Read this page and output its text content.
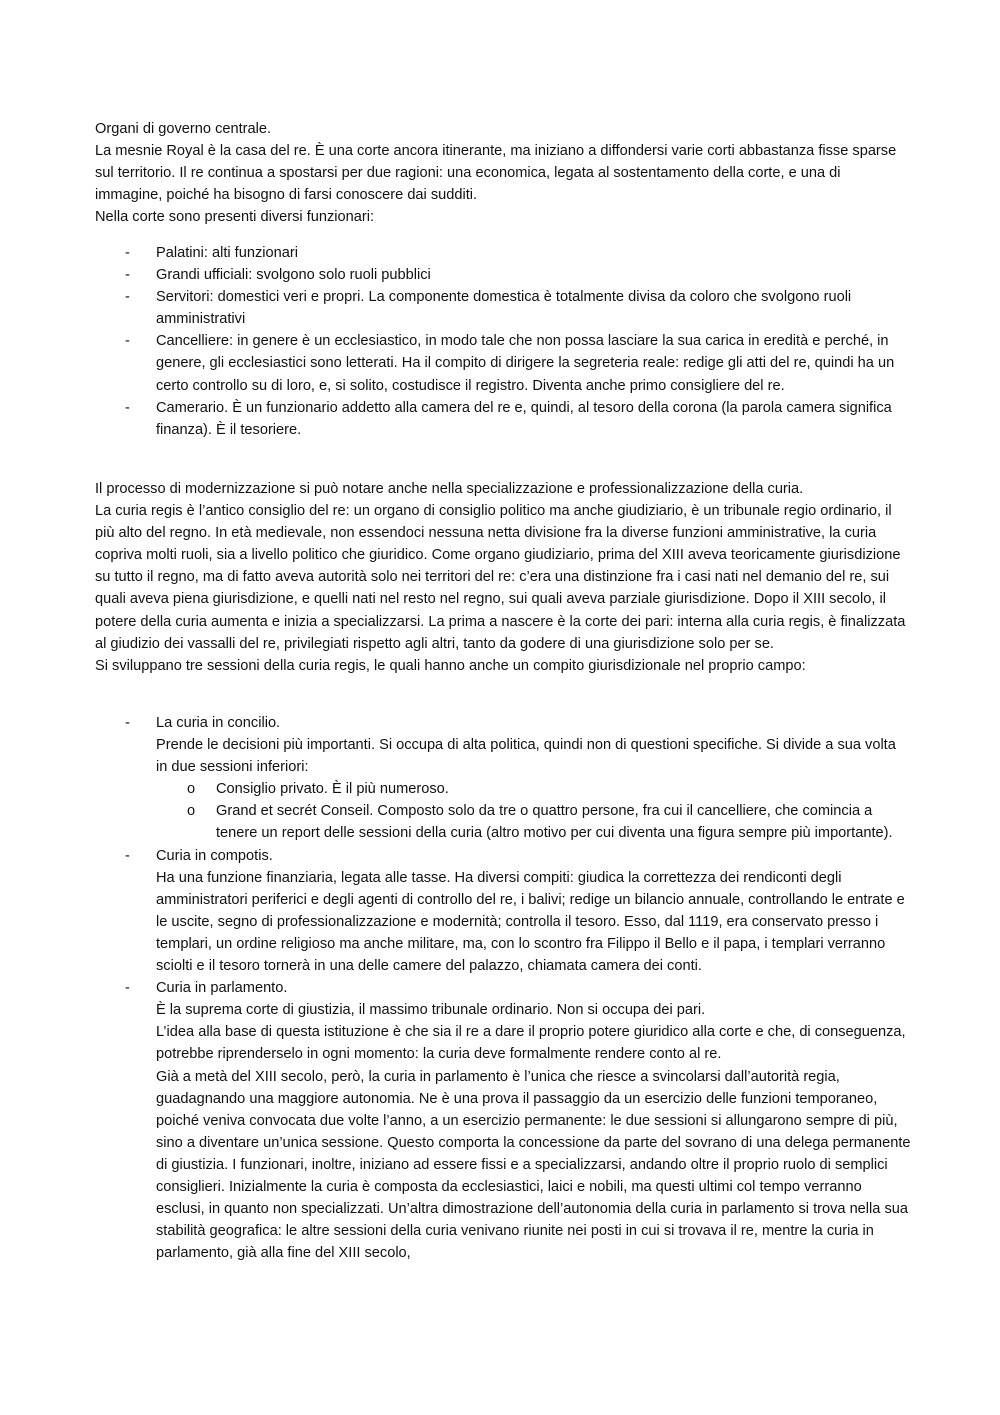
Organi di governo centrale.

La mesnie Royal è la casa del re. È una corte ancora itinerante, ma iniziano a diffondersi varie corti abbastanza fisse sparse sul territorio. Il re continua a spostarsi per due ragioni: una economica, legata al sostentamento della corte, e una di immagine, poiché ha bisogno di farsi conoscere dai sudditi.

Nella corte sono presenti diversi funzionari:

- Palatini: alti funzionari
- Grandi ufficiali: svolgono solo ruoli pubblici
- Servitori: domestici veri e propri. La componente domestica è totalmente divisa da coloro che svolgono ruoli amministrativi
- Cancelliere: in genere è un ecclesiastico, in modo tale che non possa lasciare la sua carica in eredità e perché, in genere, gli ecclesiastici sono letterati. Ha il compito di dirigere la segreteria reale: redige gli atti del re, quindi ha un certo controllo su di loro, e, si solito, costudisce il registro. Diventa anche primo consigliere del re.
- Camerario. È un funzionario addetto alla camera del re e, quindi, al tesoro della corona (la parola camera significa finanza). È il tesoriere.

Il processo di modernizzazione si può notare anche nella specializzazione e professionalizzazione della curia.

La curia regis è l’antico consiglio del re: un organo di consiglio politico ma anche giudiziario, è un tribunale regio ordinario, il più alto del regno. In età medievale, non essendoci nessuna netta divisione fra la diverse funzioni amministrative, la curia copriva molti ruoli, sia a livello politico che giuridico. Come organo giudiziario, prima del XIII aveva teoricamente giurisdizione su tutto il regno, ma di fatto aveva autorità solo nei territori del re: c’era una distinzione fra i casi nati nel demanio del re, sui quali aveva piena giurisdizione, e quelli nati nel resto nel regno, sui quali aveva parziale giurisdizione. Dopo il XIII secolo, il potere della curia aumenta e inizia a specializzarsi. La prima a nascere è la corte dei pari: interna alla curia regis, è finalizzata al giudizio dei vassalli del re, privilegiati rispetto agli altri, tanto da godere di una giurisdizione solo per se.

Si sviluppano tre sessioni della curia regis, le quali hanno anche un compito giurisdizionale nel proprio campo:

- La curia in concilio.

Prende le decisioni più importanti. Si occupa di alta politica, quindi non di questioni specifiche. Si divide a sua volta in due sessioni inferiori:

o Consiglio privato. È il più numeroso.
o Grand et secrét Conseil. Composto solo da tre o quattro persone, fra cui il cancelliere, che comincia a tenere un report delle sessioni della curia (altro motivo per cui diventa una figura sempre più importante).
- Curia in compotis.

Ha una funzione finanziaria, legata alle tasse. Ha diversi compiti: giudica la correttezza dei rendiconti degli amministratori periferici e degli agenti di controllo del re, i balivi; redige un bilancio annuale, controllando le entrate e le uscite, segno di professionalizzazione e modernità; controlla il tesoro. Esso, dal 1119, era conservato presso i templari, un ordine religioso ma anche militare, ma, con lo scontro fra Filippo il Bello e il papa, i templari verranno sciolti e il tesoro tornerà in una delle camere del palazzo, chiamata camera dei conti.

- Curia in parlamento.

È la suprema corte di giustizia, il massimo tribunale ordinario. Non si occupa dei pari.

L’idea alla base di questa istituzione è che sia il re a dare il proprio potere giuridico alla corte e che, di conseguenza, potrebbe riprenderselo in ogni momento: la curia deve formalmente rendere conto al re.

Già a metà del XIII secolo, però, la curia in parlamento è l’unica che riesce a svincolarsi dall’autorità regia, guadagnando una maggiore autonomia. Ne è una prova il passaggio da un esercizio delle funzioni temporaneo, poiché veniva convocata due volte l’anno, a un esercizio permanente: le due sessioni si allungarono sempre di più, sino a diventare un’unica sessione. Questo comporta la concessione da parte del sovrano di una delega permanente di giustizia. I funzionari, inoltre, iniziano ad essere fissi e a specializzarsi, andando oltre il proprio ruolo di semplici consiglieri. Inizialmente la curia è composta da ecclesiastici, laici e nobili, ma questi ultimi col tempo verranno esclusi, in quanto non specializzati. Un’altra dimostrazione dell’autonomia della curia in parlamento si trova nella sua stabilità geografica: le altre sessioni della curia venivano riunite nei posti in cui si trovava il re, mentre la curia in parlamento, già alla fine del XIII secolo,
